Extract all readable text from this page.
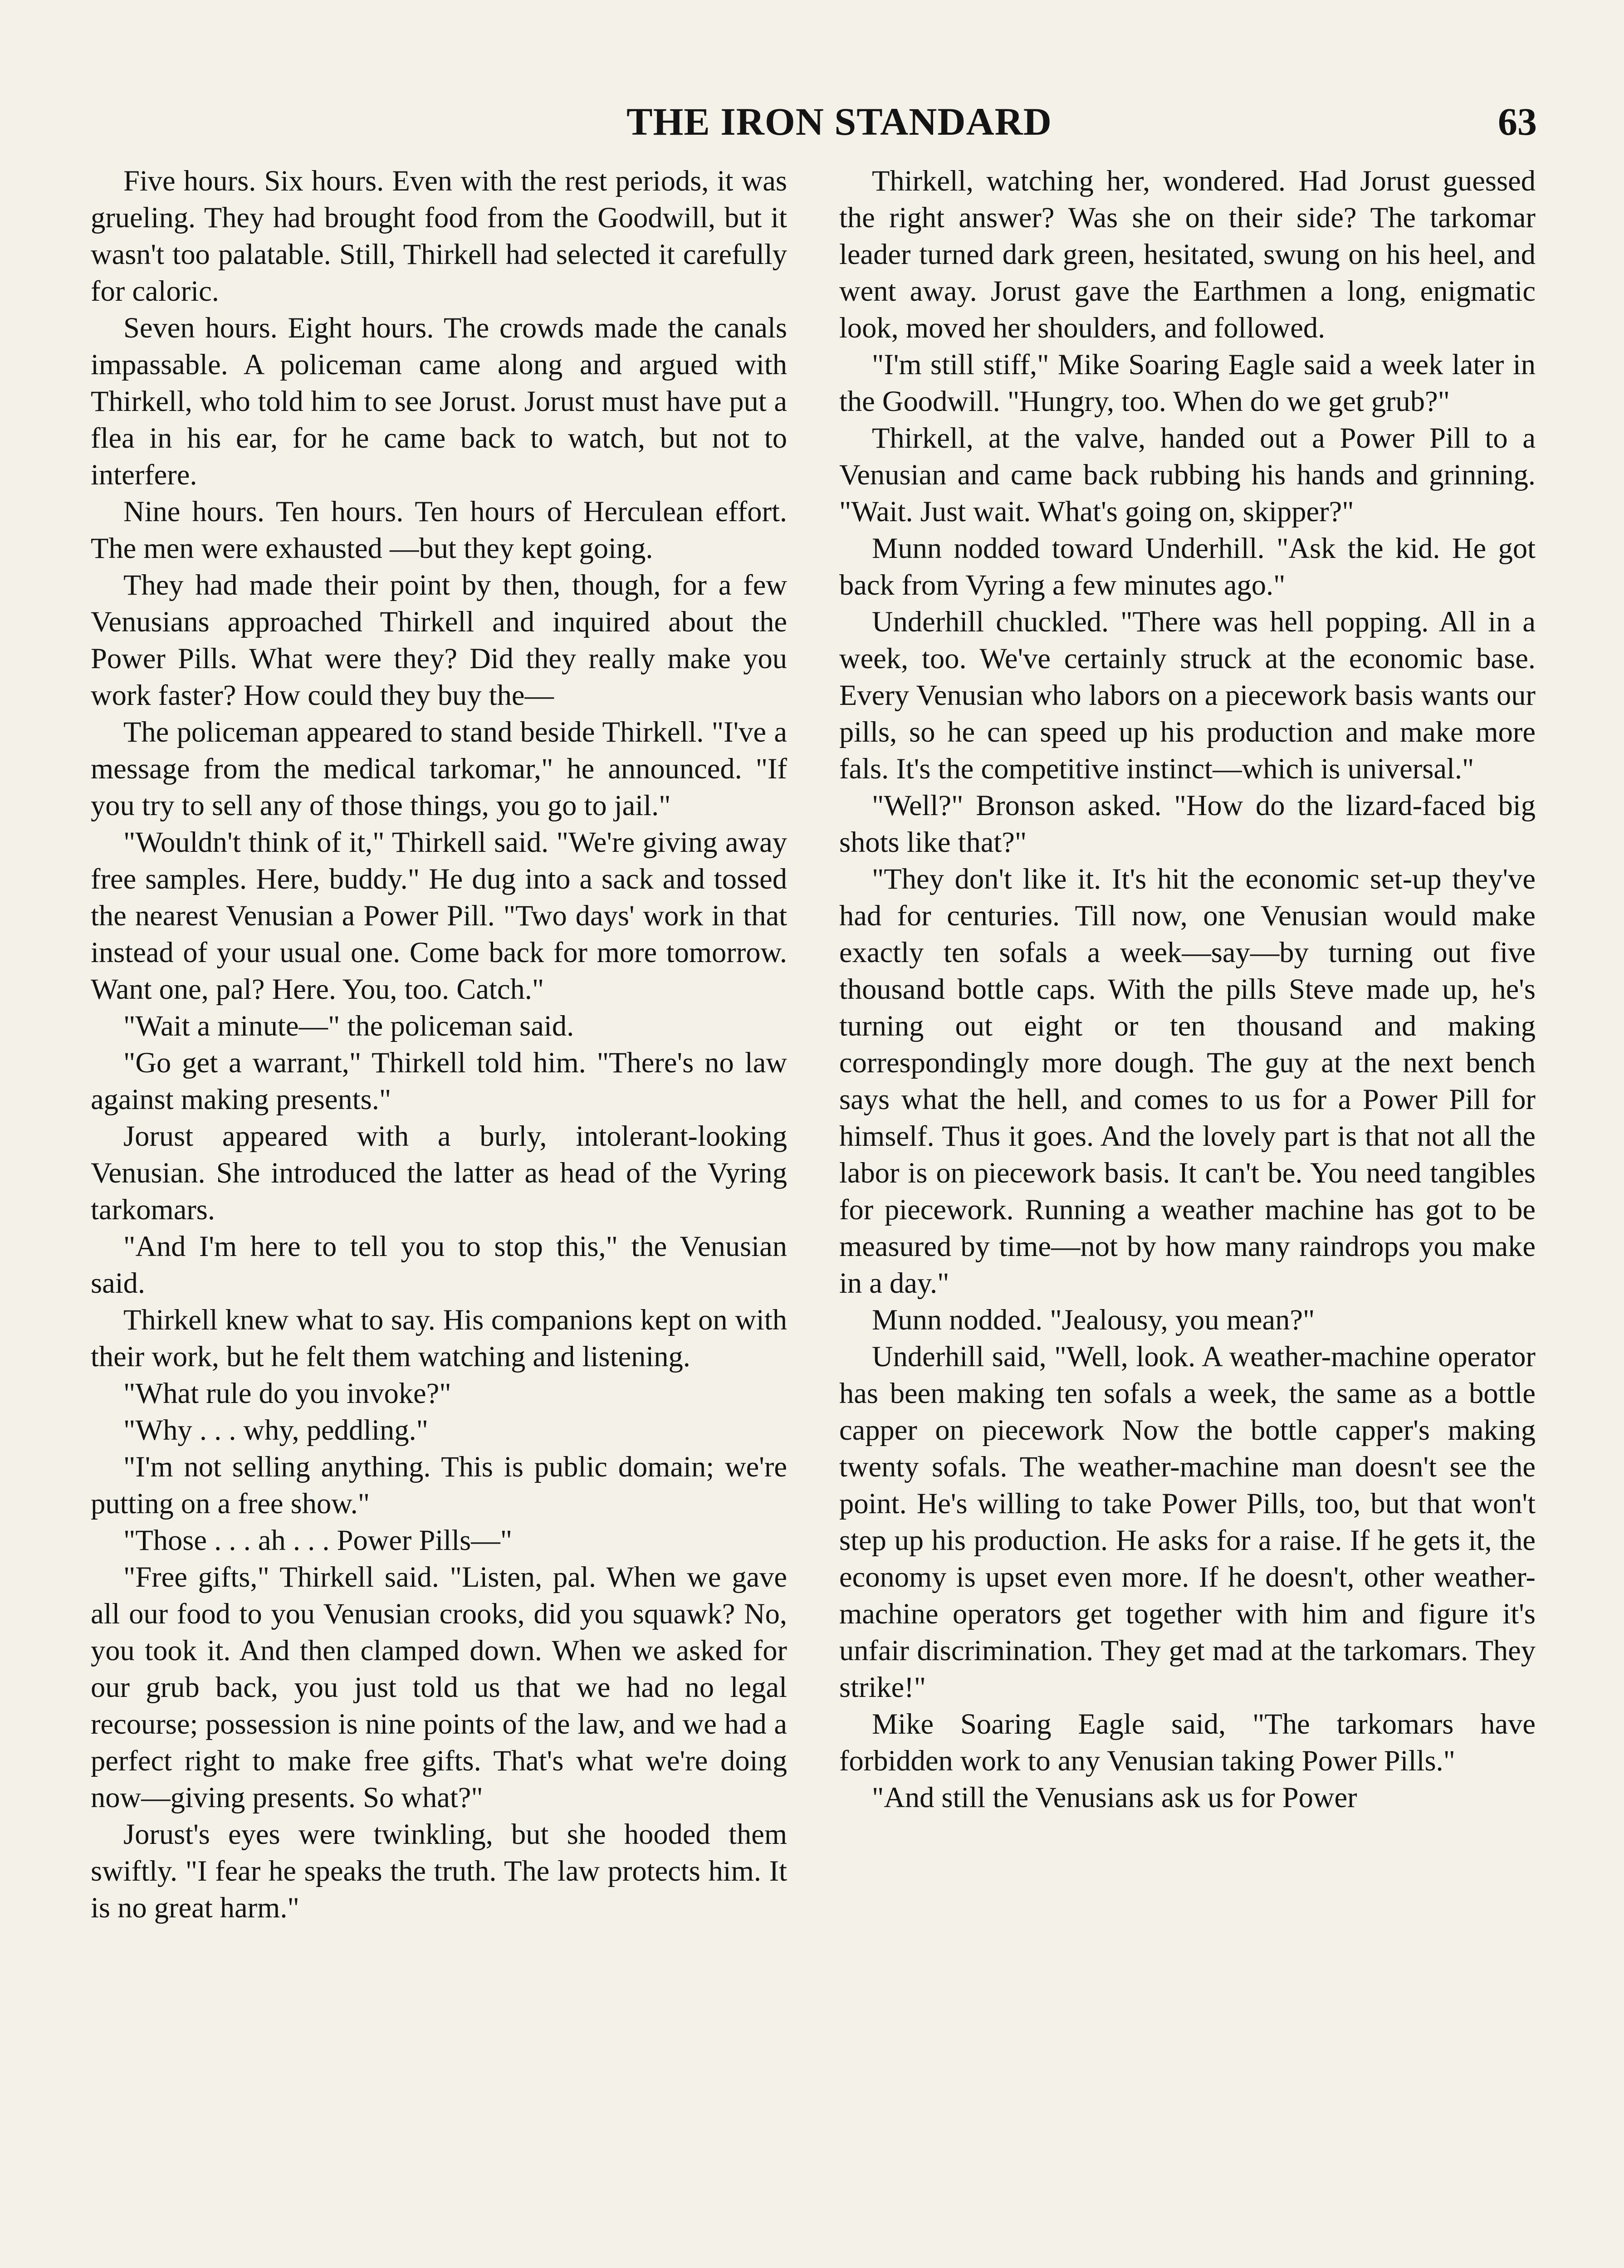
THE IRON STANDARD	63

Five hours. Six hours. Even with the rest periods, it was grueling. They had brought food from the Goodwill, but it wasn't too palatable. Still, Thirkell had selected it carefully for caloric.

Seven hours. Eight hours. The crowds made the canals impassable. A policeman came along and argued with Thirkell, who told him to see Jorust. Jorust must have put a flea in his ear, for he came back to watch, but not to interfere.

Nine hours. Ten hours. Ten hours of Herculean effort. The men were exhausted —but they kept going.

They had made their point by then, though, for a few Venusians approached Thirkell and inquired about the Power Pills. What were they? Did they really make you work faster? How could they buy the—

The policeman appeared to stand beside Thirkell. "I've a message from the medical tarkomar," he announced. "If you try to sell any of those things, you go to jail."

"Wouldn't think of it," Thirkell said. "We're giving away free samples. Here, buddy." He dug into a sack and tossed the nearest Venusian a Power Pill. "Two days' work in that instead of your usual one. Come back for more tomorrow. Want one, pal? Here. You, too. Catch."

"Wait a minute—" the policeman said.

"Go get a warrant," Thirkell told him. "There's no law against making presents."

Jorust appeared with a burly, intolerant-looking Venusian. She introduced the latter as head of the Vyring tarkomars.

"And I'm here to tell you to stop this," the Venusian said.

Thirkell knew what to say. His companions kept on with their work, but he felt them watching and listening.

"What rule do you invoke?"

"Why . . . why, peddling."

"I'm not selling anything. This is public domain; we're putting on a free show."

"Those . . . ah . . . Power Pills—"

"Free gifts," Thirkell said. "Listen, pal. When we gave all our food to you Venusian crooks, did you squawk? No, you took it. And then clamped down. When we asked for our grub back, you just told us that we had no legal recourse; possession is nine points of the law, and we had a perfect right to make free gifts. That's what we're doing now—giving presents. So what?"

Jorust's eyes were twinkling, but she hooded them swiftly. "I fear he speaks the truth. The law protects him. It is no great harm."

Thirkell, watching her, wondered. Had Jorust guessed the right answer? Was she on their side? The tarkomar leader turned dark green, hesitated, swung on his heel, and went away. Jorust gave the Earthmen a long, enigmatic look, moved her shoulders, and followed.

"I'm still stiff," Mike Soaring Eagle said a week later in the Goodwill. "Hungry, too. When do we get grub?"

Thirkell, at the valve, handed out a Power Pill to a Venusian and came back rubbing his hands and grinning. "Wait. Just wait. What's going on, skipper?"

Munn nodded toward Underhill. "Ask the kid. He got back from Vyring a few minutes ago."

Underhill chuckled. "There was hell popping. All in a week, too. We've certainly struck at the economic base. Every Venusian who labors on a piecework basis wants our pills, so he can speed up his production and make more fals. It's the competitive instinct—which is universal."

"Well?" Bronson asked. "How do the lizard-faced big shots like that?"

"They don't like it. It's hit the economic set-up they've had for centuries. Till now, one Venusian would make exactly ten sofals a week—say—by turning out five thousand bottle caps. With the pills Steve made up, he's turning out eight or ten thousand and making correspondingly more dough. The guy at the next bench says what the hell, and comes to us for a Power Pill for himself. Thus it goes. And the lovely part is that not all the labor is on piecework basis. It can't be. You need tangibles for piecework. Running a weather machine has got to be measured by time—not by how many raindrops you make in a day."

Munn nodded. "Jealousy, you mean?"

Underhill said, "Well, look. A weather-machine operator has been making ten sofals a week, the same as a bottle capper on piecework Now the bottle capper's making twenty sofals. The weather-machine man doesn't see the point. He's willing to take Power Pills, too, but that won't step up his production. He asks for a raise. If he gets it, the economy is upset even more. If he doesn't, other weather-machine operators get together with him and figure it's unfair discrimination. They get mad at the tarkomars. They strike!"

Mike Soaring Eagle said, "The tarkomars have forbidden work to any Venusian taking Power Pills."

"And still the Venusians ask us for Power
